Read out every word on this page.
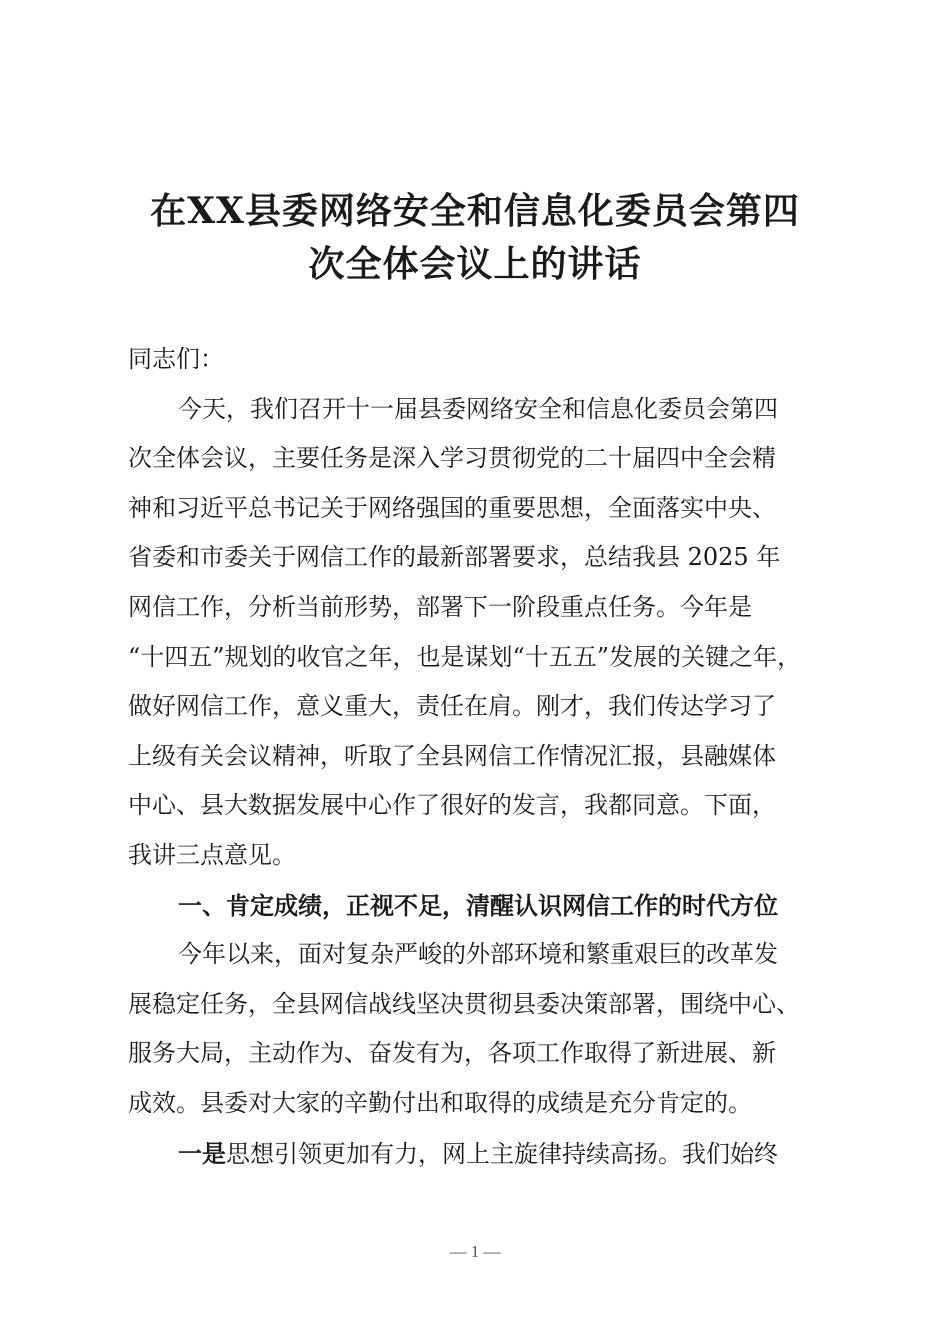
在XX县委网络安全和信息化委员会第四
次全体会议上的讲话
同志们：
今天，我们召开十一届县委网络安全和信息化委员会第四
次全体会议，主要任务是深入学习贯彻党的二十届四中全会精
神和习近平总书记关于网络强国的重要思想，全面落实中央、
省委和市委关于网信工作的最新部署要求，总结我县 2025 年
网信工作，分析当前形势，部署下一阶段重点任务。今年是
“十四五”规划的收官之年，也是谋划“十五五”发展的关键之年，
做好网信工作，意义重大，责任在肩。刚才，我们传达学习了
上级有关会议精神，听取了全县网信工作情况汇报，县融媒体
中心、县大数据发展中心作了很好的发言，我都同意。下面，
我讲三点意见。
一、肯定成绩，正视不足，清醒认识网信工作的时代方位
今年以来，面对复杂严峻的外部环境和繁重艰巨的改革发
展稳定任务，全县网信战线坚决贯彻县委决策部署，围绕中心、
服务大局，主动作为、奋发有为，各项工作取得了新进展、新
成效。县委对大家的辛勤付出和取得的成绩是充分肯定的。
一是思想引领更加有力，网上主旋律持续高扬。我们始终
— 1 —
